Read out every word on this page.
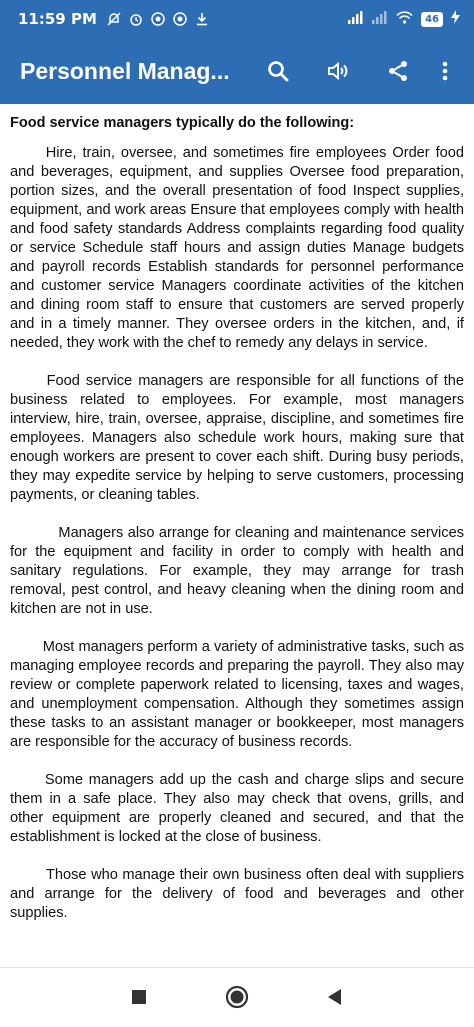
11:59 PM	46
Personnel Manag...
Food service managers typically do the following:

Hire, train, oversee, and sometimes fire employees Order food and beverages, equipment, and supplies Oversee food preparation, portion sizes, and the overall presentation of food Inspect supplies, equipment, and work areas Ensure that employees comply with health and food safety standards Address complaints regarding food quality or service Schedule staff hours and assign duties Manage budgets and payroll records Establish standards for personnel performance and customer service Managers coordinate activities of the kitchen and dining room staff to ensure that customers are served properly and in a timely manner. They oversee orders in the kitchen, and, if needed, they work with the chef to remedy any delays in service.

Food service managers are responsible for all functions of the business related to employees. For example, most managers interview, hire, train, oversee, appraise, discipline, and sometimes fire employees. Managers also schedule work hours, making sure that enough workers are present to cover each shift. During busy periods, they may expedite service by helping to serve customers, processing payments, or cleaning tables.

Managers also arrange for cleaning and maintenance services for the equipment and facility in order to comply with health and sanitary regulations. For example, they may arrange for trash removal, pest control, and heavy cleaning when the dining room and kitchen are not in use.

Most managers perform a variety of administrative tasks, such as managing employee records and preparing the payroll. They also may review or complete paperwork related to licensing, taxes and wages, and unemployment compensation. Although they sometimes assign these tasks to an assistant manager or bookkeeper, most managers are responsible for the accuracy of business records.

Some managers add up the cash and charge slips and secure them in a safe place. They also may check that ovens, grills, and other equipment are properly cleaned and secured, and that the establishment is locked at the close of business.

Those who manage their own business often deal with suppliers and arrange for the delivery of food and beverages and other supplies.
